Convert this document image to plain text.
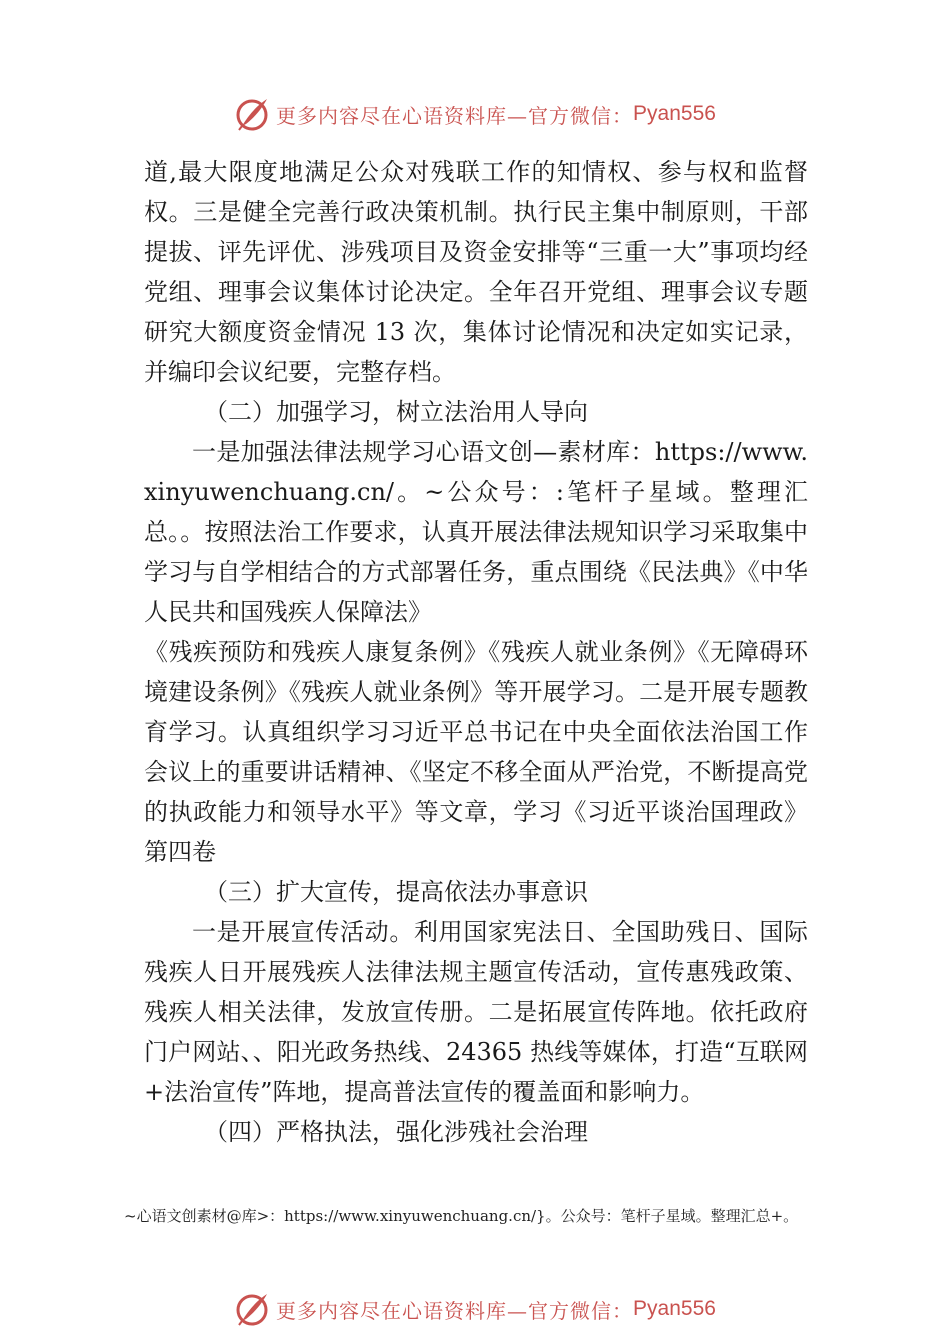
更多内容尽在心语资料库—官方微信： Pyan556

道,最大限度地满足公众对残联工作的知情权、参与权和监督权。三是健全完善行政决策机制。执行民主集中制原则，干部提拔、评先评优、涉残项目及资金安排等“三重一大”事项均经党组、理事会议集体讨论决定。全年召开党组、理事会议专题研究大额度资金情况 13 次，集体讨论情况和决定如实记录，并编印会议纪要，完整存档。

（二）加强学习，树立法治用人导向

一是加强法律法规学习心语文创—素材库：https://www.xinyuwenchuang.cn/。~公众号：:笔杆子星域。整理汇总。。按照法治工作要求，认真开展法律法规知识学习采取集中学习与自学相结合的方式部署任务，重点围绕《民法典》《中华人民共和国残疾人保障法》

《残疾预防和残疾人康复条例》《残疾人就业条例》《无障碍环境建设条例》《残疾人就业条例》等开展学习。二是开展专题教育学习。认真组织学习习近平总书记在中央全面依法治国工作会议上的重要讲话精神、《坚定不移全面从严治党，不断提高党的执政能力和领导水平》等文章，学习《习近平谈治国理政》第四卷

（三）扩大宣传，提高依法办事意识

一是开展宣传活动。利用国家宪法日、全国助残日、国际残疾人日开展残疾人法律法规主题宣传活动，宣传惠残政策、残疾人相关法律，发放宣传册。二是拓展宣传阵地。依托政府门户网站、、阳光政务热线、24365 热线等媒体，打造“互联网+法治宣传”阵地，提高普法宣传的覆盖面和影响力。

（四）严格执法，强化涉残社会治理

~心语文创素材@库>：https://www.xinyuwenchuang.cn/}。公众号：笔杆子星域。整理汇总+。
更多内容尽在心语资料库—官方微信： Pyan556
